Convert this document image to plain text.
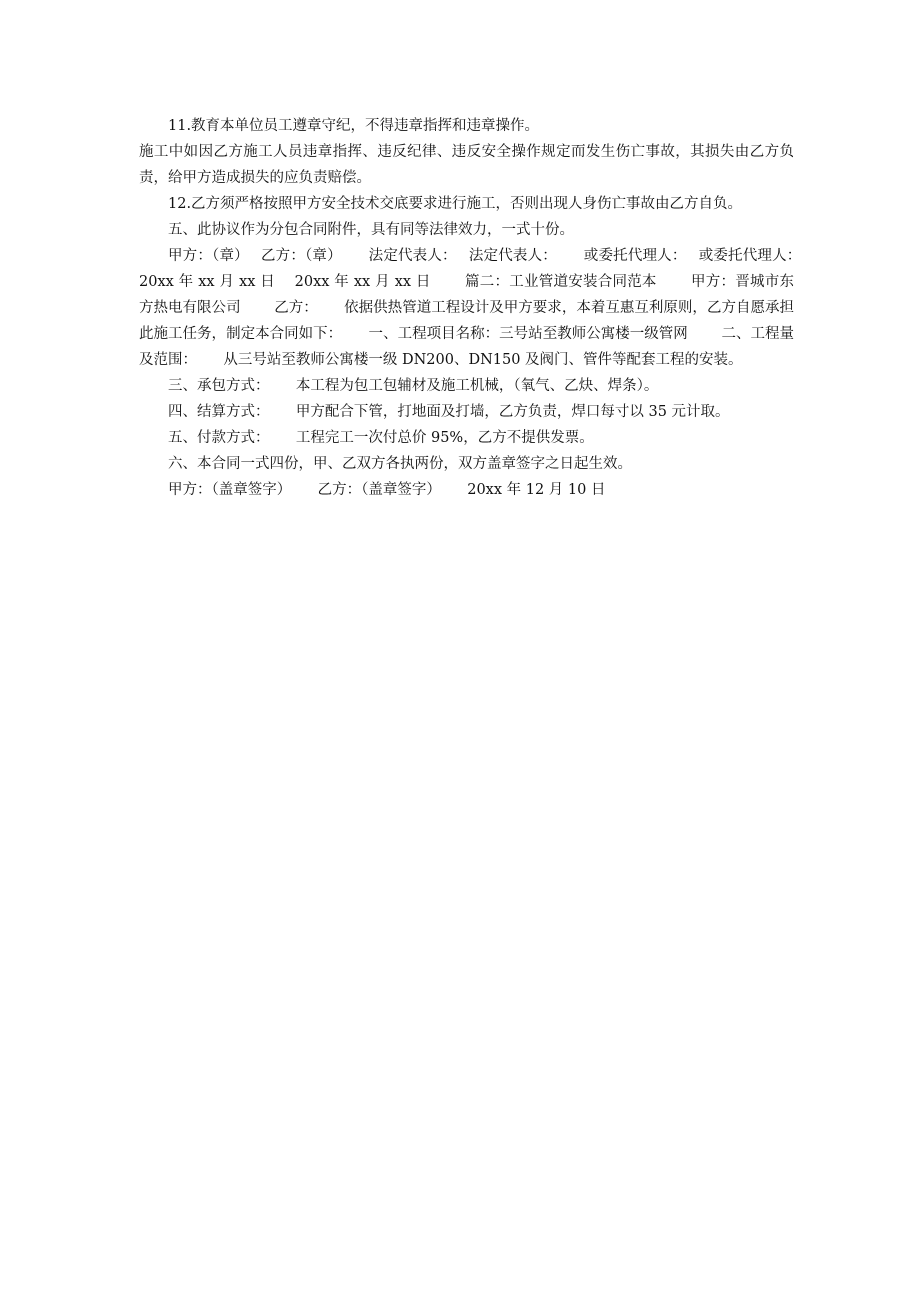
11.教育本单位员工遵章守纪，不得违章指挥和违章操作。

施工中如因乙方施工人员违章指挥、违反纪律、违反安全操作规定而发生伤亡事故，其损失由乙方负责，给甲方造成损失的应负责赔偿。

12.乙方须严格按照甲方安全技术交底要求进行施工，否则出现人身伤亡事故由乙方自负。

五、此协议作为分包合同附件，具有同等法律效力，一式十份。

甲方：（章）　 乙方：（章）　　 法定代表人：　 法定代表人：　　 或委托代理人：　 或委托代理人：　　 20xx 年 xx 月 xx 日　 20xx 年 xx 月 xx 日　　 篇二：工业管道安装合同范本　　 甲方：晋城市东方热电有限公司　　 乙方：　　 依据供热管道工程设计及甲方要求，本着互惠互利原则，乙方自愿承担此施工任务，制定本合同如下：　　 一、工程项目名称：三号站至教师公寓楼一级管网　　 二、工程量及范围：　　 从三号站至教师公寓楼一级 DN200、DN150 及阀门、管件等配套工程的安装。

三、承包方式：　　 本工程为包工包辅材及施工机械，（氧气、乙炔、焊条）。

四、结算方式：　　 甲方配合下管，打地面及打墙，乙方负责，焊口每寸以 35 元计取。

五、付款方式：　　 工程完工一次付总价 95%，乙方不提供发票。

六、本合同一式四份，甲、乙双方各执两份，双方盖章签字之日起生效。

甲方：（盖章签字）　　 乙方：（盖章签字）　　 20xx 年 12 月 10 日
